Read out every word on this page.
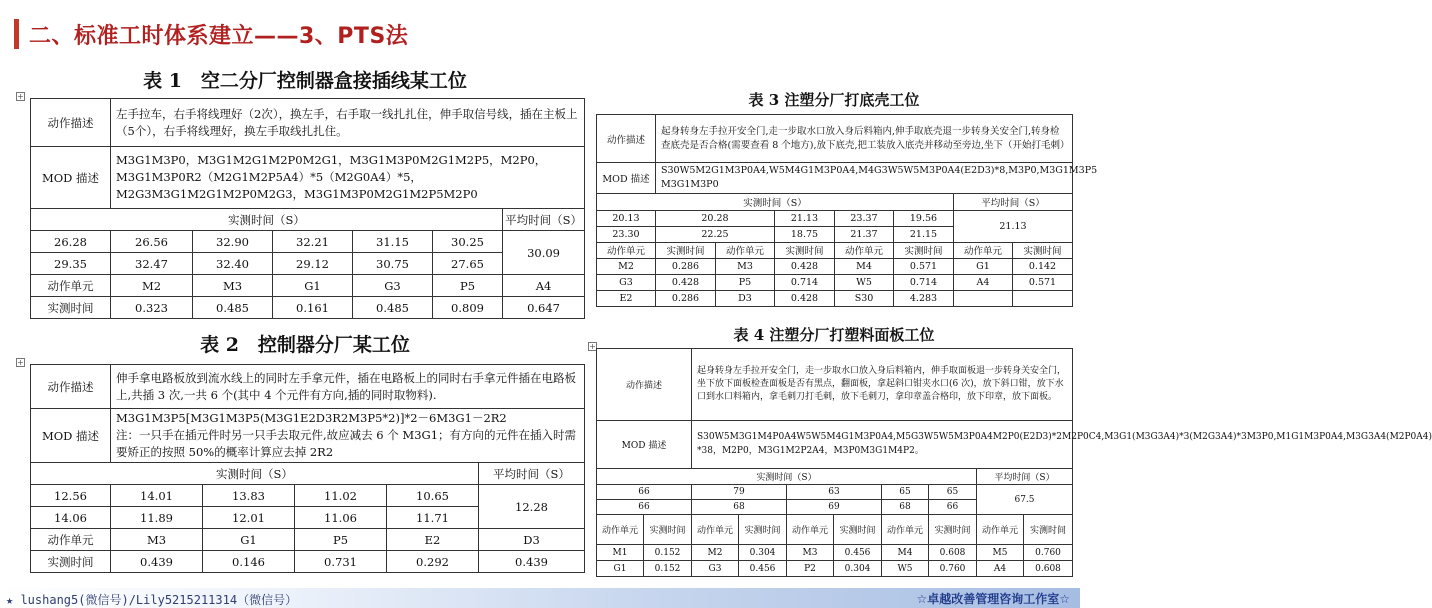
二、标准工时体系建立——3、PTS法
表 1　空二分厂控制器盒接插线某工位
+
动作描述	左手拉车，右手将线理好（2次），换左手，右手取一线扎扎住，伸手取信号线，插在主板上（5个），右手将线理好，换左手取线扎扎住。					
MOD 描述	M3G1M3P0，M3G1M2G1M2P0M2G1，M3G1M3P0M2G1M2P5，M2P0，M3G1M3P0R2（M2G1M2P5A4）*5（M2G0A4）*5，M2G3M3G1M2G1M2P0M2G3，M3G1M3P0M2G1M2P5M2P0					
实测时间（S）						平均时间（S）
26.28	26.56	32.90	32.21	31.15	30.25	30.09
29.35	32.47	32.40	29.12	30.75	27.65	
动作单元	M2	M3	G1	G3	P5	A4
实测时间	0.323	0.485	0.161	0.485	0.809	0.647
表 2　控制器分厂某工位
+
动作描述	伸手拿电路板放到流水线上的同时左手拿元件，插在电路板上的同时右手拿元件插在电路板上,共插 3 次,一共 6 个(其中 4 个元件有方向,插的同时取物料).				
MOD 描述	M3G1M3P5[M3G1M3P5(M3G1E2D3R2M3P5*2)]*2－6M3G1－2R2
注：一只手在插元件时另一只手去取元件,故应减去 6 个 M3G1；有方向的元件在插入时需要矫正的按照 50%的概率计算应去掉 2R2				

实测时间（S）					平均时间（S）
12.56	14.01	13.83	11.02	10.65	12.28
14.06	11.89	12.01	11.06	11.71	
动作单元	M3	G1	P5	E2	D3
实测时间	0.439	0.146	0.731	0.292	0.439
表 3 注塑分厂打底壳工位
动作描述	起身转身左手拉开安全门,走一步取水口放入身后料箱内,伸手取底壳退一步转身关安全门,转身检查底壳是否合格(需要查看 8 个地方),放下底壳,把工装放入底壳并移动至旁边,坐下（开始打毛刺）						
MOD 描述	S30W5M2G1M3P0A4,W5M4G1M3P0A4,M4G3W5W5M3P0A4(E2D3)*8,M3P0,M3G1M3P5 M3G1M3P0						
实测时间（S）						平均时间（S）	
20.13	20.28		21.13	23.37	19.56	21.13	
23.30	22.25		18.75	21.37	21.15		
动作单元	实测时间	动作单元	实测时间	动作单元	实测时间	动作单元	实测时间
M2	0.286	M3	0.428	M4	0.571	G1	0.142
G3	0.428	P5	0.714	W5	0.714	A4	0.571
E2	0.286	D3	0.428	S30	4.283		
表 4 注塑分厂打塑料面板工位
+
动作描述		起身转身左手拉开安全门，走一步取水口放入身后料箱内，伸手取面板退一步转身关安全门，坐下放下面板检查面板是否有黑点，翻面板，拿起斜口钳夹水口(6 次)，放下斜口钳，放下水口到水口料箱内，拿毛刺刀打毛刺，放下毛刺刀，拿印章盖合格印，放下印章，放下面板。							
MOD 描述		S30W5M3G1M4P0A4W5W5M4G1M3P0A4,M5G3W5W5M3P0A4M2P0(E2D3)*2M2P0C4,M3G1(M3G3A4)*3(M2G3A4)*3M3P0,M1G1M3P0A4,M3G3A4(M2P0A4)　*38，M2P0，M3G1M2P2A4，M3P0M3G1M4P2。							
实测时间（S）								平均时间（S）	
66		79		63		65	65	67.5	
66		68		69		68	66		
动作单元	实测时间	动作单元	实测时间	动作单元	实测时间	动作单元	实测时间	动作单元	实测时间
M1	0.152	M2	0.304	M3	0.456	M4	0.608	M5	0.760
G1	0.152	G3	0.456	P2	0.304	W5	0.760	A4	0.608
★ lushang5(微信号)/Lily5215211314（微信号）	☆卓越改善管理咨询工作室☆
